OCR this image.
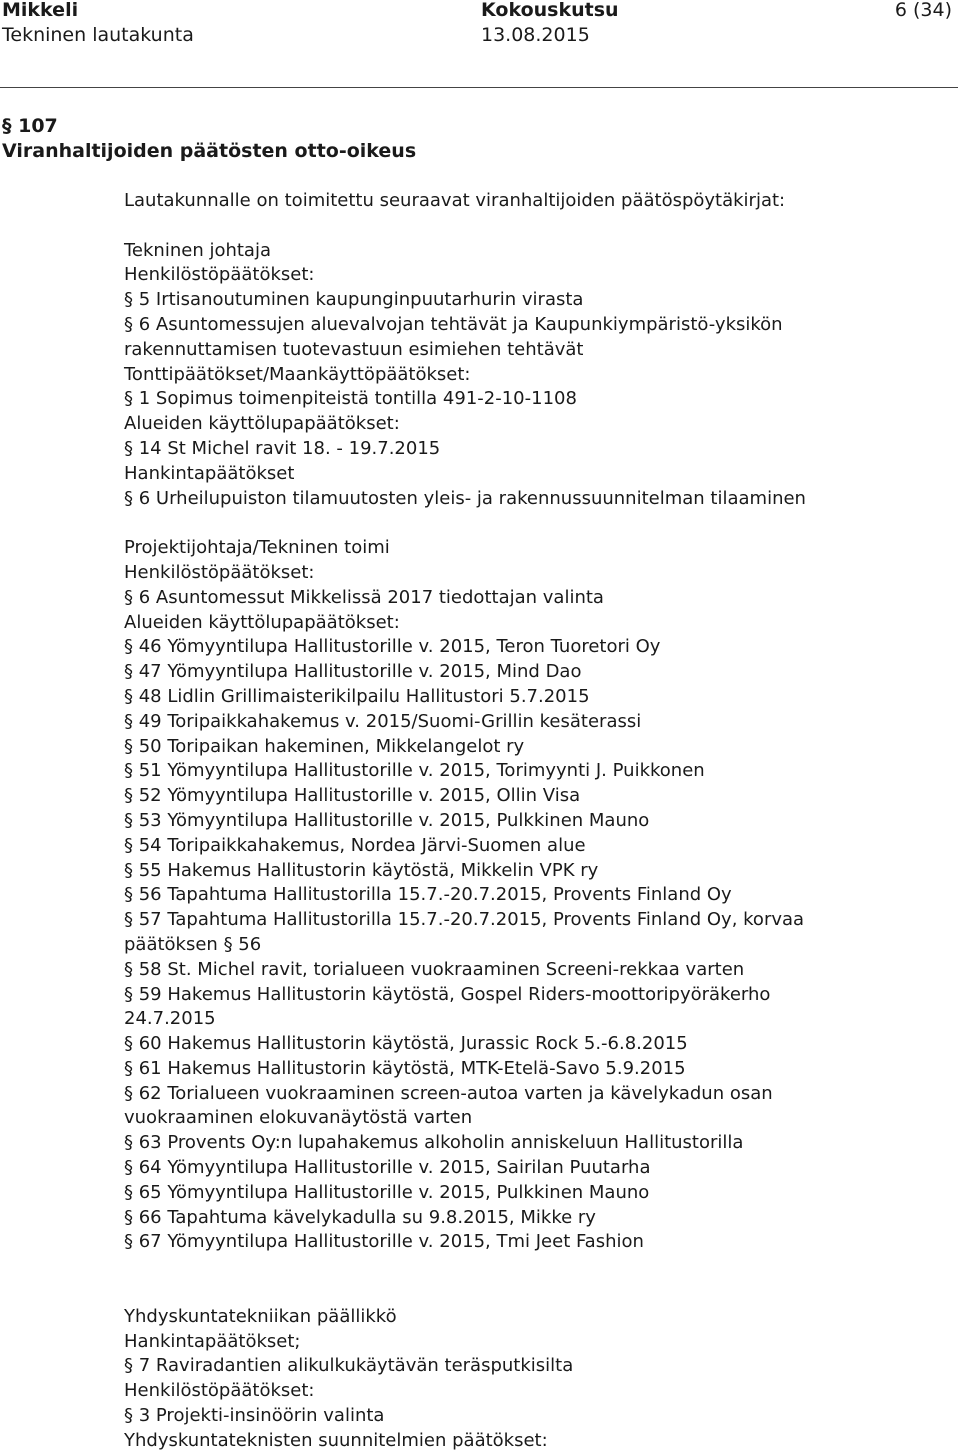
Mikkeli
Tekninen lautakunta
Kokouskutsu
13.08.2015
6 (34)
§ 107
Viranhaltijoiden päätösten otto-oikeus
Lautakunnalle on toimitettu seuraavat viranhaltijoiden päätöspöytäkirjat:
Tekninen johtaja
Henkilöstöpäätökset:
§ 5 Irtisanoutuminen kaupunginpuutarhurin virasta
§ 6 Asuntomessujen aluevalvojan tehtävät ja Kaupunkiympäristö-yksikön
rakennuttamisen tuotevastuun esimiehen tehtävät
Tonttipäätökset/Maankäyttöpäätökset:
§ 1 Sopimus toimenpiteistä tontilla 491-2-10-1108
Alueiden käyttölupapäätökset:
§ 14 St Michel ravit 18. - 19.7.2015
Hankintapäätökset
§ 6 Urheilupuiston tilamuutosten yleis- ja rakennussuunnitelman tilaaminen
Projektijohtaja/Tekninen toimi
Henkilöstöpäätökset:
§ 6 Asuntomessut Mikkelissä 2017 tiedottajan valinta
Alueiden käyttölupapäätökset:
§ 46 Yömyyntilupa Hallitustorille v. 2015, Teron Tuoretori Oy
§ 47 Yömyyntilupa Hallitustorille v. 2015, Mind Dao
§ 48 Lidlin Grillimaisterikilpailu Hallitustori 5.7.2015
§ 49 Toripaikkahakemus v. 2015/Suomi-Grillin kesäterassi
§ 50 Toripaikan hakeminen, Mikkelangelot ry
§ 51 Yömyyntilupa Hallitustorille v. 2015, Torimyynti J. Puikkonen
§ 52 Yömyyntilupa Hallitustorille v. 2015, Ollin Visa
§ 53 Yömyyntilupa Hallitustorille v. 2015, Pulkkinen Mauno
§ 54 Toripaikkahakemus, Nordea Järvi-Suomen alue
§ 55 Hakemus Hallitustorin käytöstä, Mikkelin VPK ry
§ 56 Tapahtuma Hallitustorilla 15.7.-20.7.2015, Provents Finland Oy
§ 57 Tapahtuma Hallitustorilla 15.7.-20.7.2015, Provents Finland Oy, korvaa
päätöksen § 56
§ 58 St. Michel ravit, torialueen vuokraaminen Screeni-rekkaa varten
§ 59 Hakemus Hallitustorin käytöstä, Gospel Riders-moottoripyöräkerho
24.7.2015
§ 60 Hakemus Hallitustorin käytöstä, Jurassic Rock 5.-6.8.2015
§ 61 Hakemus Hallitustorin käytöstä, MTK-Etelä-Savo 5.9.2015
§ 62 Torialueen vuokraaminen screen-autoa varten ja kävelykadun osan
vuokraaminen elokuvanäytöstä varten
§ 63 Provents Oy:n lupahakemus alkoholin anniskeluun Hallitustorilla
§ 64 Yömyyntilupa Hallitustorille v. 2015, Sairilan Puutarha
§ 65 Yömyyntilupa Hallitustorille v. 2015, Pulkkinen Mauno
§ 66 Tapahtuma kävelykadulla su 9.8.2015, Mikke ry
§ 67 Yömyyntilupa Hallitustorille v. 2015, Tmi Jeet Fashion
Yhdyskuntatekniikan päällikkö
Hankintapäätökset;
§ 7 Raviradantien alikulkukäytävän teräsputkisilta
Henkilöstöpäätökset:
§ 3 Projekti-insinöörin valinta
Yhdyskuntateknisten suunnitelmien päätökset:
